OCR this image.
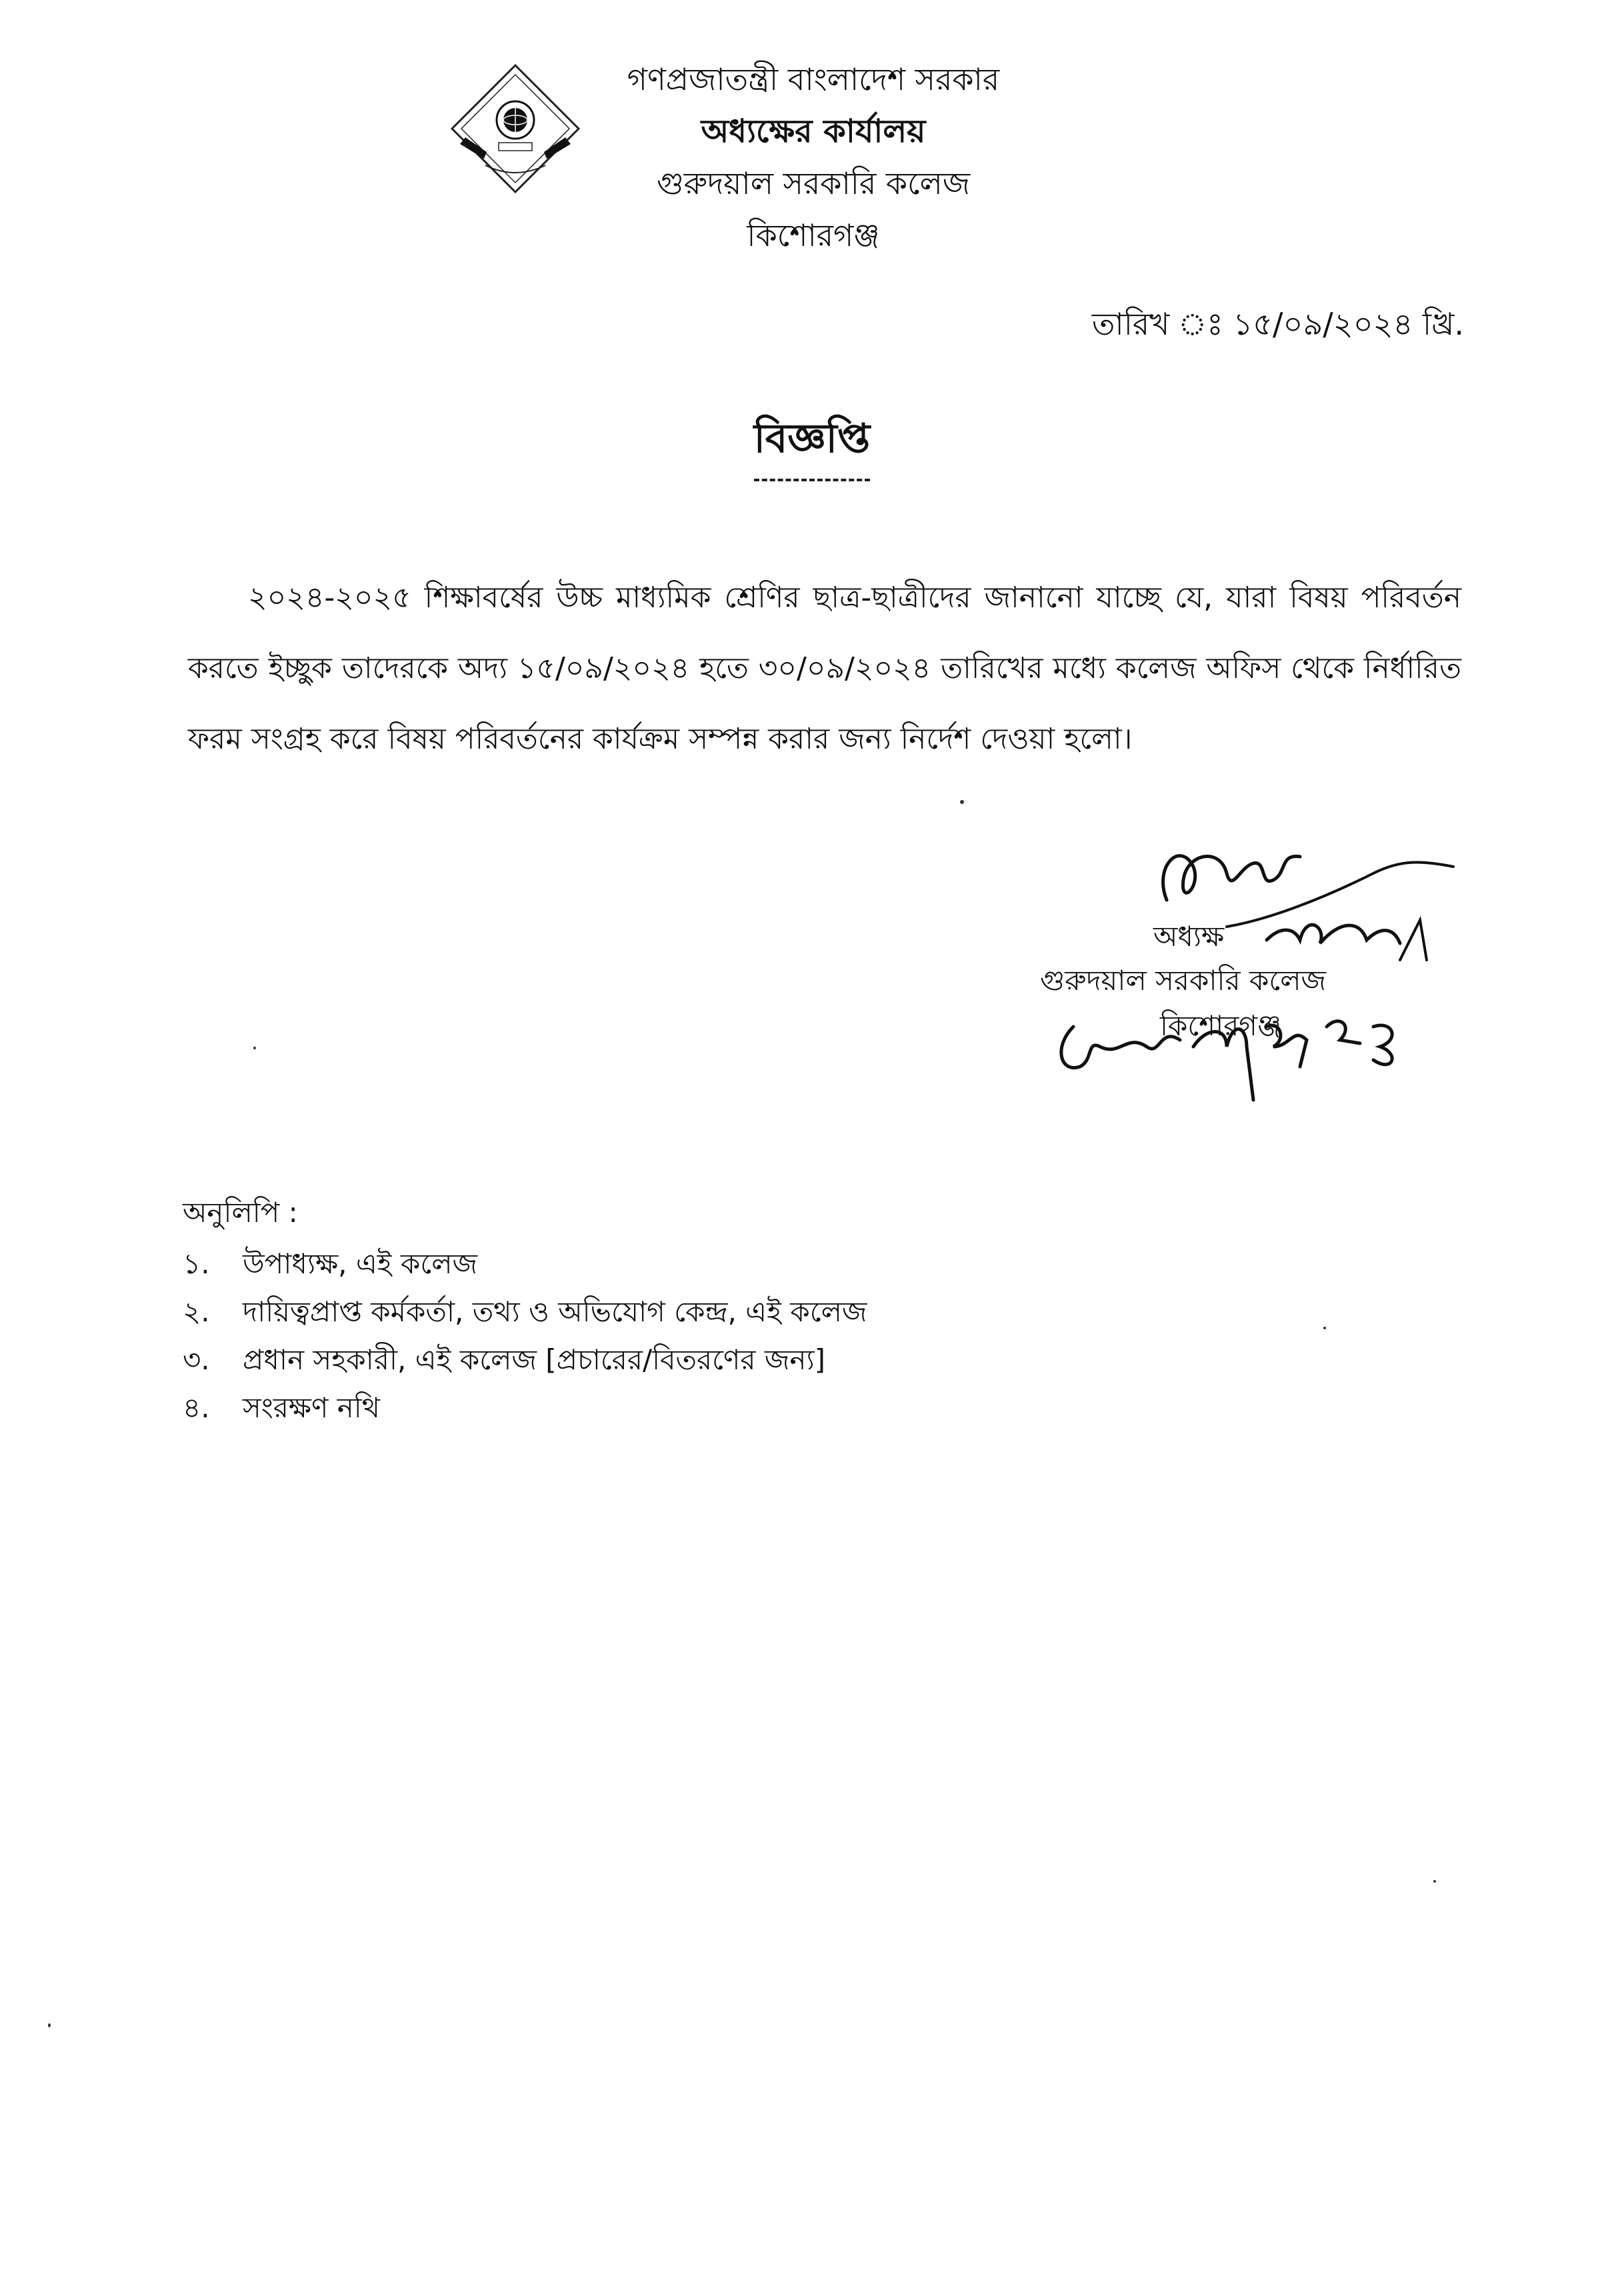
গণপ্রজাতন্ত্রী বাংলাদেশ সরকার
অধ্যক্ষের কার্যালয়
গুরুদয়াল সরকারি কলেজ
কিশোরগঞ্জ
তারিখ ঃ ১৫/০৯/২০২৪ খ্রি.
বিজ্ঞপ্তি
২০২৪-২০২৫ শিক্ষাবর্ষের উচ্চ মাধ্যমিক শ্রেণির ছাত্র-ছাত্রীদের জানানো যাচ্ছে যে, যারা বিষয় পরিবর্তন করতে ইচ্ছুক তাদেরকে অদ্য ১৫/০৯/২০২৪ হতে ৩০/০৯/২০২৪ তারিখের মধ্যে কলেজ অফিস থেকে নির্ধারিত ফরম সংগ্রহ করে বিষয় পরিবর্তনের কার্যক্রম সম্পন্ন করার জন্য নির্দেশ দেওয়া হলো।
অধ্যক্ষ
গুরুদয়াল সরকারি কলেজ
কিশোরগঞ্জ
অনুলিপি :
১.	উপাধ্যক্ষ, এই কলেজ
২.	দায়িত্বপ্রাপ্ত কর্মকর্তা, তথ্য ও অভিযোগ কেন্দ্র, এই কলেজ
৩.	প্রধান সহকারী, এই কলেজ [প্রচারের/বিতরণের জন্য]
৪.	সংরক্ষণ নথি
